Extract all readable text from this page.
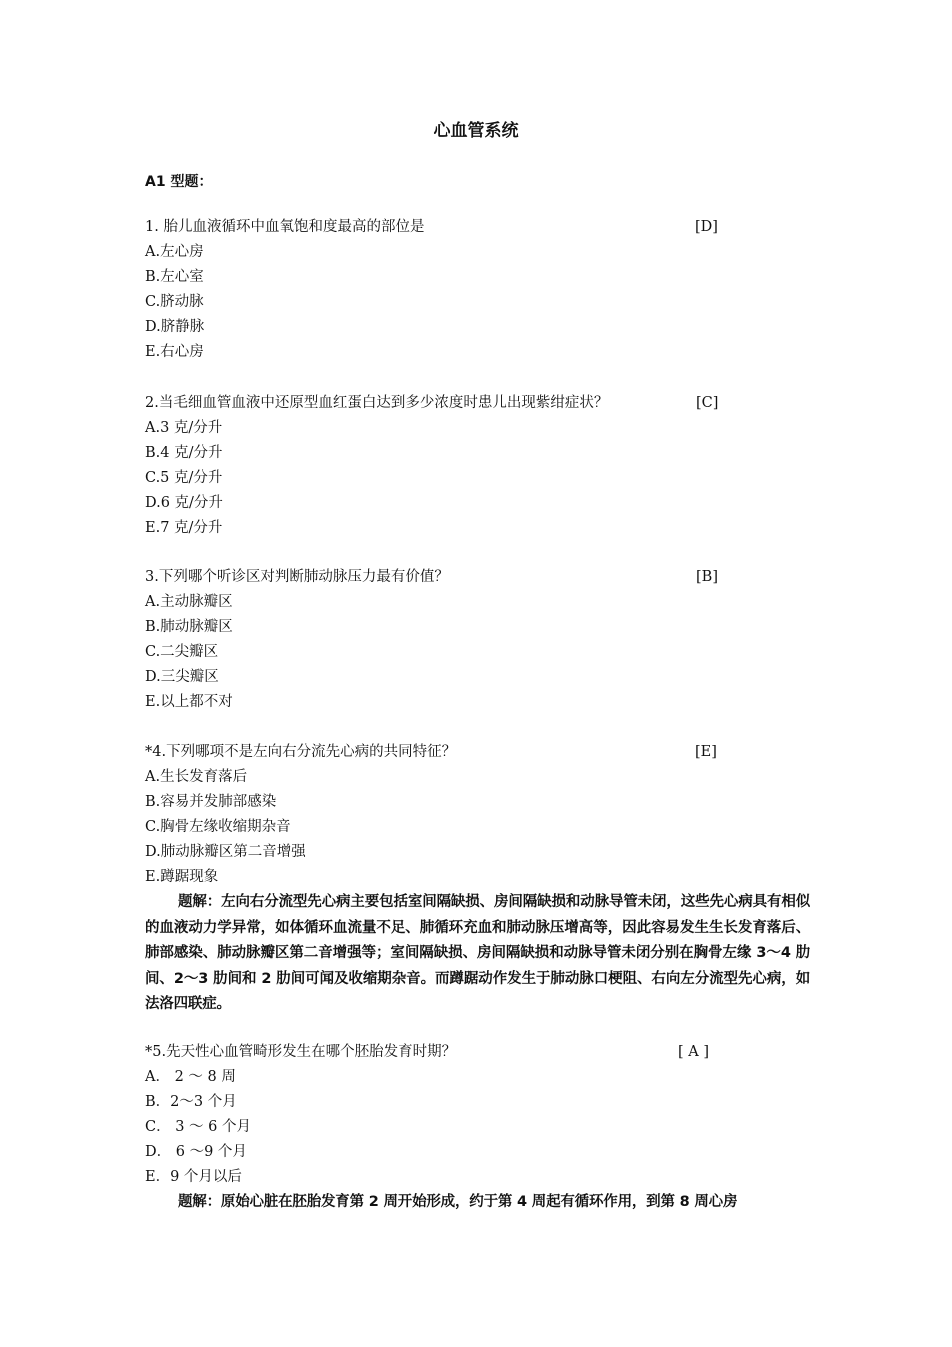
心血管系统
A1 型题：
1. 胎儿血液循环中血氧饱和度最高的部位是	[D]
A.左心房
B.左心室
C.脐动脉
D.脐静脉
E.右心房
2.当毛细血管血液中还原型血红蛋白达到多少浓度时患儿出现紫绀症状？	[C]
A.3 克/分升
B.4 克/分升
C.5 克/分升
D.6 克/分升
E.7 克/分升
3.下列哪个听诊区对判断肺动脉压力最有价值？	[B]
A.主动脉瓣区
B.肺动脉瓣区
C.二尖瓣区
D.三尖瓣区
E.以上都不对
*4.下列哪项不是左向右分流先心病的共同特征？	[E]
A.生长发育落后
B.容易并发肺部感染
C.胸骨左缘收缩期杂音
D.肺动脉瓣区第二音增强
E.蹲踞现象

题解：左向右分流型先心病主要包括室间隔缺损、房间隔缺损和动脉导管未闭，这些先心病具有相似的血液动力学异常，如体循环血流量不足、肺循环充血和肺动脉压增高等，因此容易发生生长发育落后、肺部感染、肺动脉瓣区第二音增强等；室间隔缺损、房间隔缺损和动脉导管未闭分别在胸骨左缘 3～4 肋间、2～3 肋间和 2 肋间可闻及收缩期杂音。而蹲踞动作发生于肺动脉口梗阻、右向左分流型先心病，如法洛四联症。

*5.先天性心血管畸形发生在哪个胚胎发育时期？	[ A ]
A． 2 ～ 8 周
B．2～3 个月
C． 3 ～ 6 个月
D． 6 ～9 个月
E．9 个月以后

题解：原始心脏在胚胎发育第 2 周开始形成，约于第 4 周起有循环作用，到第 8 周心房
